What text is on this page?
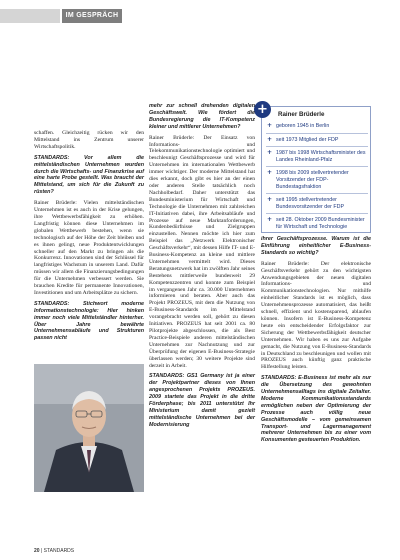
IM GESPRÄCH
+	Rainer Brüderle
+ geboren 1945 in Berlin
+ seit 1973 Mitglied der FDP
+ 1987 bis 1998 Wirtschaftsminister des Landes Rheinland-Pfalz
+ 1998 bis 2009 stellvertretender Vorsitzender der FDP-Bundestagsfraktion
+ seit 1995 stellvertretender Bundesvorsitzender der FDP
+ seit 28. Oktober 2009 Bundesminister für Wirtschaft und Technologie

schaffen. Gleichzeitig rücken wir den Mittelstand ins Zentrum unserer Wirtschaftspolitik.

STANDARDS: Vor allem die mittelständischen Unternehmen wurden durch die Wirtschafts- und Finanzkrise auf eine harte Probe gestellt. Was braucht der Mittelstand, um sich für die Zukunft zu rüsten?

Rainer Brüderle: Vielen mittelständischen Unternehmen ist es auch in der Krise gelungen, ihre Wettbewerbsfähigkeit zu erhöhen. Langfristig können diese Unternehmen im globalen Wettbewerb bestehen, wenn sie technologisch auf der Höhe der Zeit bleiben und es ihnen gelingt, neue Produktentwicklungen schneller auf den Markt zu bringen als die Konkurrenz. Innovationen sind der Schlüssel für langfristiges Wachstum in unserem Land. Dafür müssen wir allem die Finanzierungsbedingungen für die Unternehmen verbessert werden. Sie brauchen Kredite für permanente Innovationen, Investitionen und um Arbeitsplätze zu sichern.

STANDARDS: Stichwort moderne Informationstechnologie: Hier hinken immer noch viele Mittelständler hinterher. Über Jahre bewährte Unternehmensabläufe und Strukturen passen nicht

mehr zur schnell drehenden digitalen Geschäftswelt. Wie fördert die Bundesregierung die IT-Kompetenz kleiner und mittlerer Unternehmen?

Rainer Brüderle: Der Einsatz von Informations- und Telekommunikationstechnologie optimiert und beschleunigt Geschäftsprozesse und wird für Unternehmen im internationalen Wettbewerb immer wichtiger. Der moderne Mittelstand hat dies erkannt, doch gibt es hier an der einen oder anderen Stelle tatsächlich noch Nachholbedarf. Daher unterstützt das Bundesministerium für Wirtschaft und Technologie die Unternehmen mit zahlreichen IT-Initiativen dabei, ihre Arbeitsabläufe und Prozesse auf neue Marktanforderungen, Kundenbedürfnisse und Zielgruppen einzustellen. Nennen möchte ich hier zum Beispiel das „Netzwerk Elektronischer Geschäftsverkehr“, mit dessen Hilfe IT- und E-Business-Kompetenz an kleine und mittlere Unternehmen vermittelt wird. Dieses Beratungsnetzwerk hat im zwölften Jahr seines Bestehens mittlerweile bundesweit 29 Kompetenzzentren und konnte zum Beispiel im vergangenen Jahr ca. 30.000 Unternehmen informieren und beraten. Aber auch das Projekt PROZEUS, mit dem die Nutzung von E-Business-Standards im Mittelstand vorangebracht werden soll, gehört zu diesen Initiativen. PROZEUS hat seit 2001 ca. 80 Pilotprojekte abgeschlossen, die als Best Practice-Beispiele anderen mittelständischen Unternehmen zur Nachnutzung und zur Überprüfung der eigenen E-Business-Strategie überlassen werden; 30 weitere Projekte sind derzeit in Arbeit.

STANDARDS: GS1 Germany ist ja einer der Projektpartner dieses von Ihnen angesprochenen Projekts PROZEUS. 2009 startete das Projekt in die dritte Förderphase; bis 2011 unterstützt Ihr Ministerium damit gezielt mittelständische Unternehmen bei der Modernisierung

ihrer Geschäftsprozesse. Warum ist die Einführung einheitlicher E-Business-Standards so wichtig?

Rainer Brüderle: Der elektronische Geschäftsverkehr gehört zu den wichtigsten Anwendungsgebieten der neuen digitalen Informations- und Kommunikationstechnologien. Nur mithilfe einheitlicher Standards ist es möglich, dass Unternehmensprozesse automatisiert, das heißt schnell, effizient und kostensparend, ablaufen können. Insofern ist E-Business-Kompetenz heute ein entscheidender Erfolgsfaktor zur Sicherung der Wettbewerbsfähigkeit deutscher Unternehmen. Wir haben es uns zur Aufgabe gemacht, die Nutzung von E-Business-Standards in Deutschland zu beschleunigen und wollen mit PROZEUS auch künftig ganz praktische Hilfestellung leisten.

STANDARDS: E-Business ist mehr als nur die Übersetzung des gewohnten Unternehmensalltags ins digitale Zeitalter. Moderne Kommunikationsstandards ermöglichen neben der Optimierung der Prozesse auch völlig neue Geschäftsmodelle – vom gemeinsamen Transport- und Lagermanagement mehrerer Unternehmen bis zu einer vom Konsumenten gesteuerten Produktion.

20 | STANDARDS
